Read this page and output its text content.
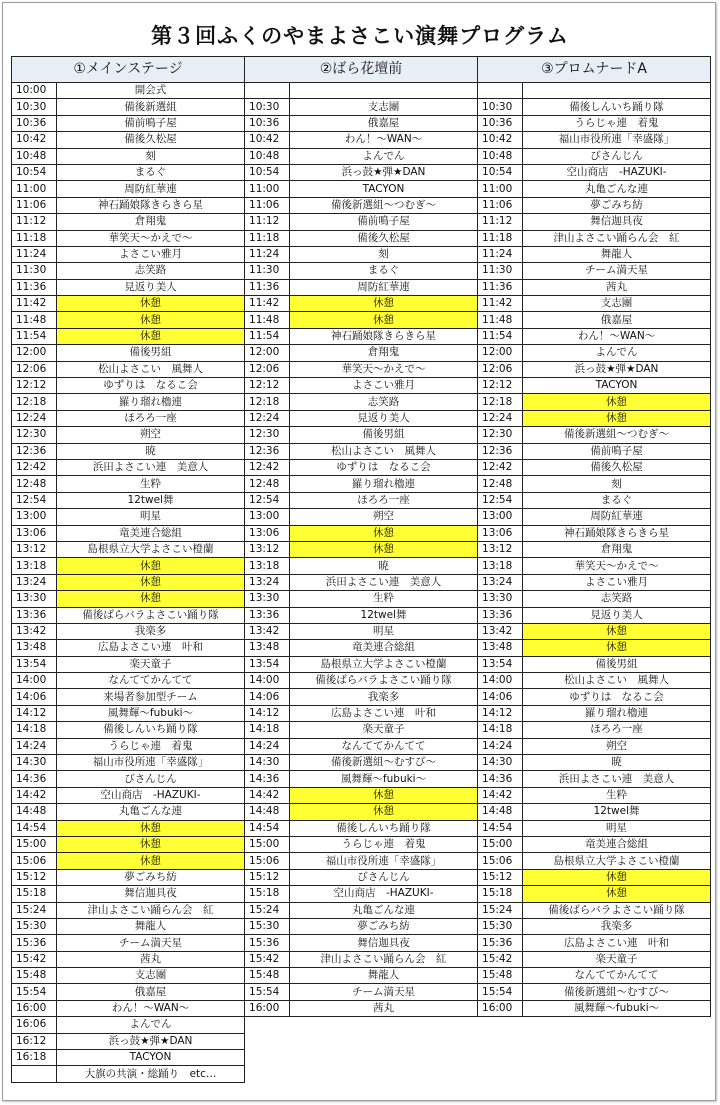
第３回ふくのやまよさこい演舞プログラム
①メインステージ		②ばら花壇前		③プロムナードA	
10:00	開会式				
10:30	備後新選組	10:30	支志團	10:30	備後しんいち踊り隊
10:36	備前鳴子屋	10:36	俄嘉屋	10:36	うらじゃ連　着鬼
10:42	備後久松屋	10:42	わん！～WAN～	10:42	福山市役所連「幸盛隊」
10:48	刻	10:48	よんでん	10:48	びさんじん
10:54	まるぐ	10:54	浜っ鼓★弾★DAN	10:54	空山商店　-HAZUKI-
11:00	周防紅華連	11:00	TACYON	11:00	丸亀ごんな連
11:06	神石踊娘隊きらきら星	11:06	備後新選組～つむぎ～	11:06	夢ごみち紡
11:12	倉翔鬼	11:12	備前鳴子屋	11:12	舞信迦具夜
11:18	華笑天～かえで～	11:18	備後久松屋	11:18	津山よさこい踊らん会　紅
11:24	よさこい雅月	11:24	刻	11:24	舞龍人
11:30	志笑路	11:30	まるぐ	11:30	チーム満天星
11:36	見返り美人	11:36	周防紅華連	11:36	茜丸
11:42	休憩	11:42	休憩	11:42	支志團
11:48	休憩	11:48	休憩	11:48	俄嘉屋
11:54	休憩	11:54	神石踊娘隊きらきら星	11:54	わん！～WAN～
12:00	備後男組	12:00	倉翔鬼	12:00	よんでん
12:06	松山よさこい　風舞人	12:06	華笑天～かえで～	12:06	浜っ鼓★弾★DAN
12:12	ゆずりは　なるこ会	12:12	よさこい雅月	12:12	TACYON
12:18	羅り瑠れ櫓連	12:18	志笑路	12:18	休憩
12:24	ほろろ一座	12:24	見返り美人	12:24	休憩
12:30	朔空	12:30	備後男組	12:30	備後新選組～つむぎ～
12:36	暁	12:36	松山よさこい　風舞人	12:36	備前鳴子屋
12:42	浜田よさこい連　美意人	12:42	ゆずりは　なるこ会	12:42	備後久松屋
12:48	生粋	12:48	羅り瑠れ櫓連	12:48	刻
12:54	12twel舞	12:54	ほろろ一座	12:54	まるぐ
13:00	明星	13:00	朔空	13:00	周防紅華連
13:06	竜美連合総組	13:06	休憩	13:06	神石踊娘隊きらきら星
13:12	島根県立大学よさこい橙蘭	13:12	休憩	13:12	倉翔鬼
13:18	休憩	13:18	暁	13:18	華笑天～かえで～
13:24	休憩	13:24	浜田よさこい連　美意人	13:24	よさこい雅月
13:30	休憩	13:30	生粋	13:30	志笑路
13:36	備後ばらバラよさこい踊り隊	13:36	12twel舞	13:36	見返り美人
13:42	我楽多	13:42	明星	13:42	休憩
13:48	広島よさこい連　叶和	13:48	竜美連合総組	13:48	休憩
13:54	楽天童子	13:54	島根県立大学よさこい橙蘭	13:54	備後男組
14:00	なんててかんてて	14:00	備後ばらバラよさこい踊り隊	14:00	松山よさこい　風舞人
14:06	来場者参加型チーム	14:06	我楽多	14:06	ゆずりは　なるこ会
14:12	風舞輝～fubuki～	14:12	広島よさこい連　叶和	14:12	羅り瑠れ櫓連
14:18	備後しんいち踊り隊	14:18	楽天童子	14:18	ほろろ一座
14:24	うらじゃ連　着鬼	14:24	なんててかんてて	14:24	朔空
14:30	福山市役所連「幸盛隊」	14:30	備後新選組～むすび～	14:30	暁
14:36	びさんじん	14:36	風舞輝～fubuki～	14:36	浜田よさこい連　美意人
14:42	空山商店　-HAZUKI-	14:42	休憩	14:42	生粋
14:48	丸亀ごんな連	14:48	休憩	14:48	12twel舞
14:54	休憩	14:54	備後しんいち踊り隊	14:54	明星
15:00	休憩	15:00	うらじゃ連　着鬼	15:00	竜美連合総組
15:06	休憩	15:06	福山市役所連「幸盛隊」	15:06	島根県立大学よさこい橙蘭
15:12	夢ごみち紡	15:12	びさんじん	15:12	休憩
15:18	舞信迦具夜	15:18	空山商店　-HAZUKI-	15:18	休憩
15:24	津山よさこい踊らん会　紅	15:24	丸亀ごんな連	15:24	備後ばらバラよさこい踊り隊
15:30	舞龍人	15:30	夢ごみち紡	15:30	我楽多
15:36	チーム満天星	15:36	舞信迦具夜	15:36	広島よさこい連　叶和
15:42	茜丸	15:42	津山よさこい踊らん会　紅	15:42	楽天童子
15:48	支志團	15:48	舞龍人	15:48	なんててかんてて
15:54	俄嘉屋	15:54	チーム満天星	15:54	備後新選組～むすび～
16:00	わん！～WAN～	16:00	茜丸	16:00	風舞輝～fubuki～
16:06	よんでん				
16:12	浜っ鼓★弾★DAN				
16:18	TACYON				
	大旗の共演・総踊り　etc…				
